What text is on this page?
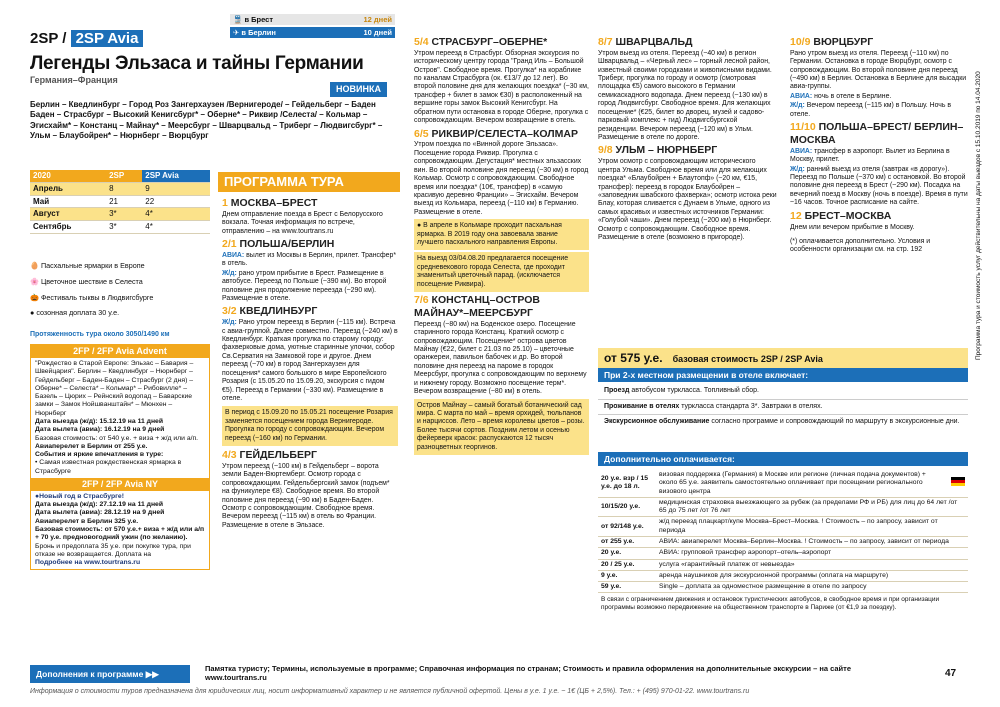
2SP / 2SP Avia
Легенды Эльзаса и тайны Германии
Германия–Франция
🚆
в Брест	12 дней
✈
в Берлин	10 дней
НОВИНКА
Берлин – Кведлинбург – Город Роз Зангерхаузен /Вернигероде/ – Гейдельберг – Баден Баден – Страсбург – Высокий Кенигсбург* – Оберне* – Риквир /Селеста/ – Кольмар – Эгисхайм* – Констанц – Майнау* – Меерсбург – Шварцвальд – Триберг – Людвигсбург* – Ульм – Блаубойрен* – Нюрнберг – Вюрцбург
2020	2SP	2SP Avia
Апрель	8	9
Май	21	22
Август	3*	4*
Сентябрь	3*	4*
🥚 Пасхальные ярмарки в Европе
🌸 Цветочное шествие в Селеста
🎃 Фестиваль тыквы в Людвигсбурге
● созонная доплата 30 у.е.
Протяженность тура около 3050/1490 км
2FP / 2FP Avia Advent
"Рождество в Старой Европе: Эльзас – Бавария – Швейцария". Берлин – Кведлинбург – Нюрнберг – Гейдельберг – Баден-Баден – Страсбург (2 дня) – Оберне* – Селеста* – Кольмар* – Рибовилле* – Базель – Цюрих – Рейнский водопад – Баварские замки – Замок Нойшванштайн* – Мюнхен – Нюрнберг
Дата выезда (ж/д): 15.12.19 на 11 дней
Дата вылета (авиа): 16.12.19 на 9 дней
Базовая стоимость: от 540 у.е. + виза + ж/д или а/п.
Авиаперелет в Берлин от 255 у.е.
События и яркие впечатления в туре:
• Самая известная рождественская ярмарка в Страсбурге
2FP / 2FP Avia NY
●Новый год в Страсбурге!
Дата выезда (ж/д): 27.12.19 на 11 дней
Дата вылета (авиа): 28.12.19 на 9 дней
Авиаперелет в Берлин 325 у.е.
Базовая стоимость: от 570 у.е.+ виза + ж/д или а/п
+ 70 у.е. предновогодний ужин (по желанию).
Бронь и предоплата 35 у.е. при покупке тура, при отказе не возвращается. Доплата на
Подробнее на www.tourtrans.ru
ПРОГРАММА ТУРА
1 МОСКВА–БРЕСТ

Днем отправление поезда в Брест с Белорусского вокзала. Точная информация по встрече, отправлению – на www.tourtrans.ru

2/1 ПОЛЬША/БЕРЛИН

АВИА: вылет из Москвы в Берлин, прилет. Трансфер* в отель.

Ж/д: рано утром прибытие в Брест. Размещение в автобусе. Переезд по Польше (~390 км). Во второй половине дня продолжение переезда (~290 км). Размещение в отеле.

3/2 КВЕДЛИНБУРГ

Ж/д: Рано утром переезд в Берлин (~115 км). Встреча с авиа-группой. Далее совместно. Переезд (~240 км) в Кведлинбург. Краткая прогулка по старому городу: фахверковые дома, уютные старинные улочки, собор Св.Серватия на Замковой горе и другое. Днем переезд (~70 км) в город Зангерхаузен для посещения* самого большого в мире Европейского Розария (с 15.05.20 по 15.09.20, экскурсия с гидом €5). Переезд в Германии (~330 км). Размещение в отеле.

В период с 15.09.20 по 15.05.21 посещение Розария заменяется посещением города Вернигероде. Прогулка по городу с сопровождающим. Вечером переезд (~160 км) по Германии.
4/3 ГЕЙДЕЛЬБЕРГ

Утром переезд (~100 км) в Гейдельберг – ворота земли Баден-Вюртемберг. Осмотр города с сопровождающим. Гейдельбергский замок (подъем* на фуникулере €8). Свободное время. Во второй половине дня переезд (~90 км) в Баден-Баден. Осмотр с сопровождающим. Свободное время. Вечером переезд (~115 км) в отель во Франции. Размещение в отеле в Эльзасе.

5/4 СТРАСБУРГ–ОБЕРНЕ*

Утром переезд в Страсбург. Обзорная экскурсия по историческому центру города "Гранд Иль – Большой Остров". Свободное время. Прогулка* на кораблике по каналам Страсбурга (ок. €13/7 до 12 лет). Во второй половине дня для желающих поездка* (~30 км, трансфер + билет в замок €30) в расположенный на вершине горы замок Высокий Кенигсбург. На обратном пути остановка в городе Оберне, прогулка с сопровождающим. Вечером возвращение в отель.

6/5 РИКВИР/СЕЛЕСТА–КОЛМАР

Утром поездка по «Винной дороге Эльзаса». Посещение города Риквир. Прогулка с сопровождающим. Дегустация* местных эльзасских вин. Во второй половине дня переезд (~30 км) в город Кольмар. Осмотр с сопровождающим. Свободное время или поездка* (10€, трансфер) в «самую красивую деревню Франции» – Эгисхайм. Вечером выезд из Кольмара, переезд (~110 км) в Германию. Размещение в отеле.

● В апреле в Кольмаре проходит пасхальная ярмарка. В 2019 году она завоевала звание лучшего пасхального направления Европы.
На выезд 03/04.08.20 предлагается посещение средневекового города Селеста, где проходит знаменитый цветочный парад. (исключается посещение Риквира).
7/6 КОНСТАНЦ–ОСТРОВ МАЙНАУ*–МЕЕРСБУРГ

Переезд (~80 км) на Боденское озеро. Посещение старинного города Констанц. Краткий осмотр с сопровождающим. Посещение* острова цветов Майнау (€22, билет с 21.03 по 25.10) – цветочные оранжереи, павильон бабочек и др. Во второй половине дня переезд на пароме в городок Меерсбург, прогулка с сопровождающим по верхнему и нижнему городу. Возможно посещение терм*. Вечером возвращение (~80 км) в отель.

Остров Майнау – самый богатый ботанический сад мира. С марта по май – время орхидей, тюльпанов и нарциссов. Лето – время королевы цветов – розы. Более тысячи сортов. Поздним летом и осенью фейерверк красок: распускаются 12 тысяч разноцветных георгинов.
8/7 ШВАРЦВАЛЬД

Утром выезд из отеля. Переезд (~40 км) в регион Шварцвальд – «Черный лес» – горный лесной район, известный своими городками и живописными видами. Триберг, прогулка по городу и осмотр (смотровая площадка €5) самого высокого в Германии семикаскадного водопада. Днем переезд (~130 км) в город Людвигсбург. Свободное время. Для желающих посещение* (€25, билет во дворец, музей и садово-парковый комплекс + гид) Людвигсбургской резиденции. Вечером переезд (~120 км) в Ульм. Размещение в отеле по дороге.

9/8 УЛЬМ – НЮРНБЕРГ

Утром осмотр с сопровождающим исторического центра Ульма. Свободное время или для желающих поездка* «Блаубойрен + Блаутопф» (~20 км, €15, трансфер): переезд в городок Блаубойрен – «заповедник швабского фахверка»; осмотр истока реки Блау, которая сливается с Дунаем в Ульме, одного из самых красивых и известных источников Германии: «Голубой чаши». Днем переезд (~200 км) в Нюрнберг. Осмотр с сопровождающим. Свободное время. Размещение в отеле (возможно в пригороде).

10/9 ВЮРЦБУРГ

Рано утром выезд из отеля. Переезд (~110 км) по Германии. Остановка в городе Вюрцбург, осмотр с сопровождающим. Во второй половине дня переезд (~490 км) в Берлин. Остановка в Берлине для высадки авиа-группы.

АВИА: ночь в отеле в Берлине.

Ж/д: Вечером переезд (~115 км) в Польшу. Ночь в отеле.

11/10 ПОЛЬША–БРЕСТ/ БЕРЛИН–МОСКВА

АВИА: трансфер в аэропорт. Вылет из Берлина в Москву, прилет.

Ж/д: ранний выезд из отеля (завтрак «в дорогу»). Переезд по Польше (~370 км) с остановкой. Во второй половине дня переезд в Брест (~290 км). Посадка на вечерний поезд в Москву (ночь в поезде). Время в пути ~16 часов. Точное расписание на сайте.

12 БРЕСТ–МОСКВА

Днем или вечером прибытие в Москву.

(*) оплачивается дополнительно. Условия и особенности организации см. на стр. 192

от 575 у.е. базовая стоимость 2SP / 2SP Avia
При 2-х местном размещении в отеле включает:
Проезд автобусом туркласса. Топливный сбор.
Проживание в отелях туркласса стандарта 3*. Завтраки в отелях.
Экскурсионное обслуживание согласно программе и сопровождающий по маршруту в экскурсионные дни.
Дополнительно оплачивается:
20 у.е. взр / 15 у.е. до 18 л.	визовая поддержка (Германия) в Москве или регионе (личная подача документов) + около 65 у.е. заявитель самостоятельно оплачивает при посещении регионального визового центра	
10/15/20 у.е.	медицинская страховка выезжающего за рубеж (за пределами РФ и РБ) для лиц до 64 лет /от 65 до 75 лет /от 76 лет	
от 92/148 у.е.	ж/д переезд плацкарт/купе Москва–Брест–Москва. ! Стоимость – по запросу, зависит от периода	
от 255 у.е.	АВИА: авиаперелет Москва–Берлин–Москва. ! Стоимость – по запросу, зависит от периода	
20 у.е.	АВИА: групповой трансфер аэропорт–отель–аэропорт	
20 / 25 у.е.	услуга «гарантийный платеж от невыезда»	
9 у.е.	аренда наушников для экскурсионной программы (оплата на маршруте)	
59 у.е.	Single – доплата за одноместное размещение в отеле по запросу	
В связи с ограничением движения и остановок туристических автобусов, в свободное время и при организации программы возможно передвижение на общественном транспорте в Париже (от €1,9 за поездку).
Программа тура и стоимость услуг действительны на даты выездов с 15.10.2019 по 14.04.2020
Дополнения к программе ▶▶
Памятка туристу; Термины, используемые в программе; Справочная информация по странам; Стоимость и правила оформления на дополнительные экскурсии – на сайте www.tourtrans.ru
Информация о стоимости туров предназначена для юридических лиц, носит информативный характер и не является публичной офертой. Цены в у.е. 1 у.е. ~ 1€ (ЦБ + 2,5%). Тел.: + (495) 970-01-22. www.tourtrans.ru
47
